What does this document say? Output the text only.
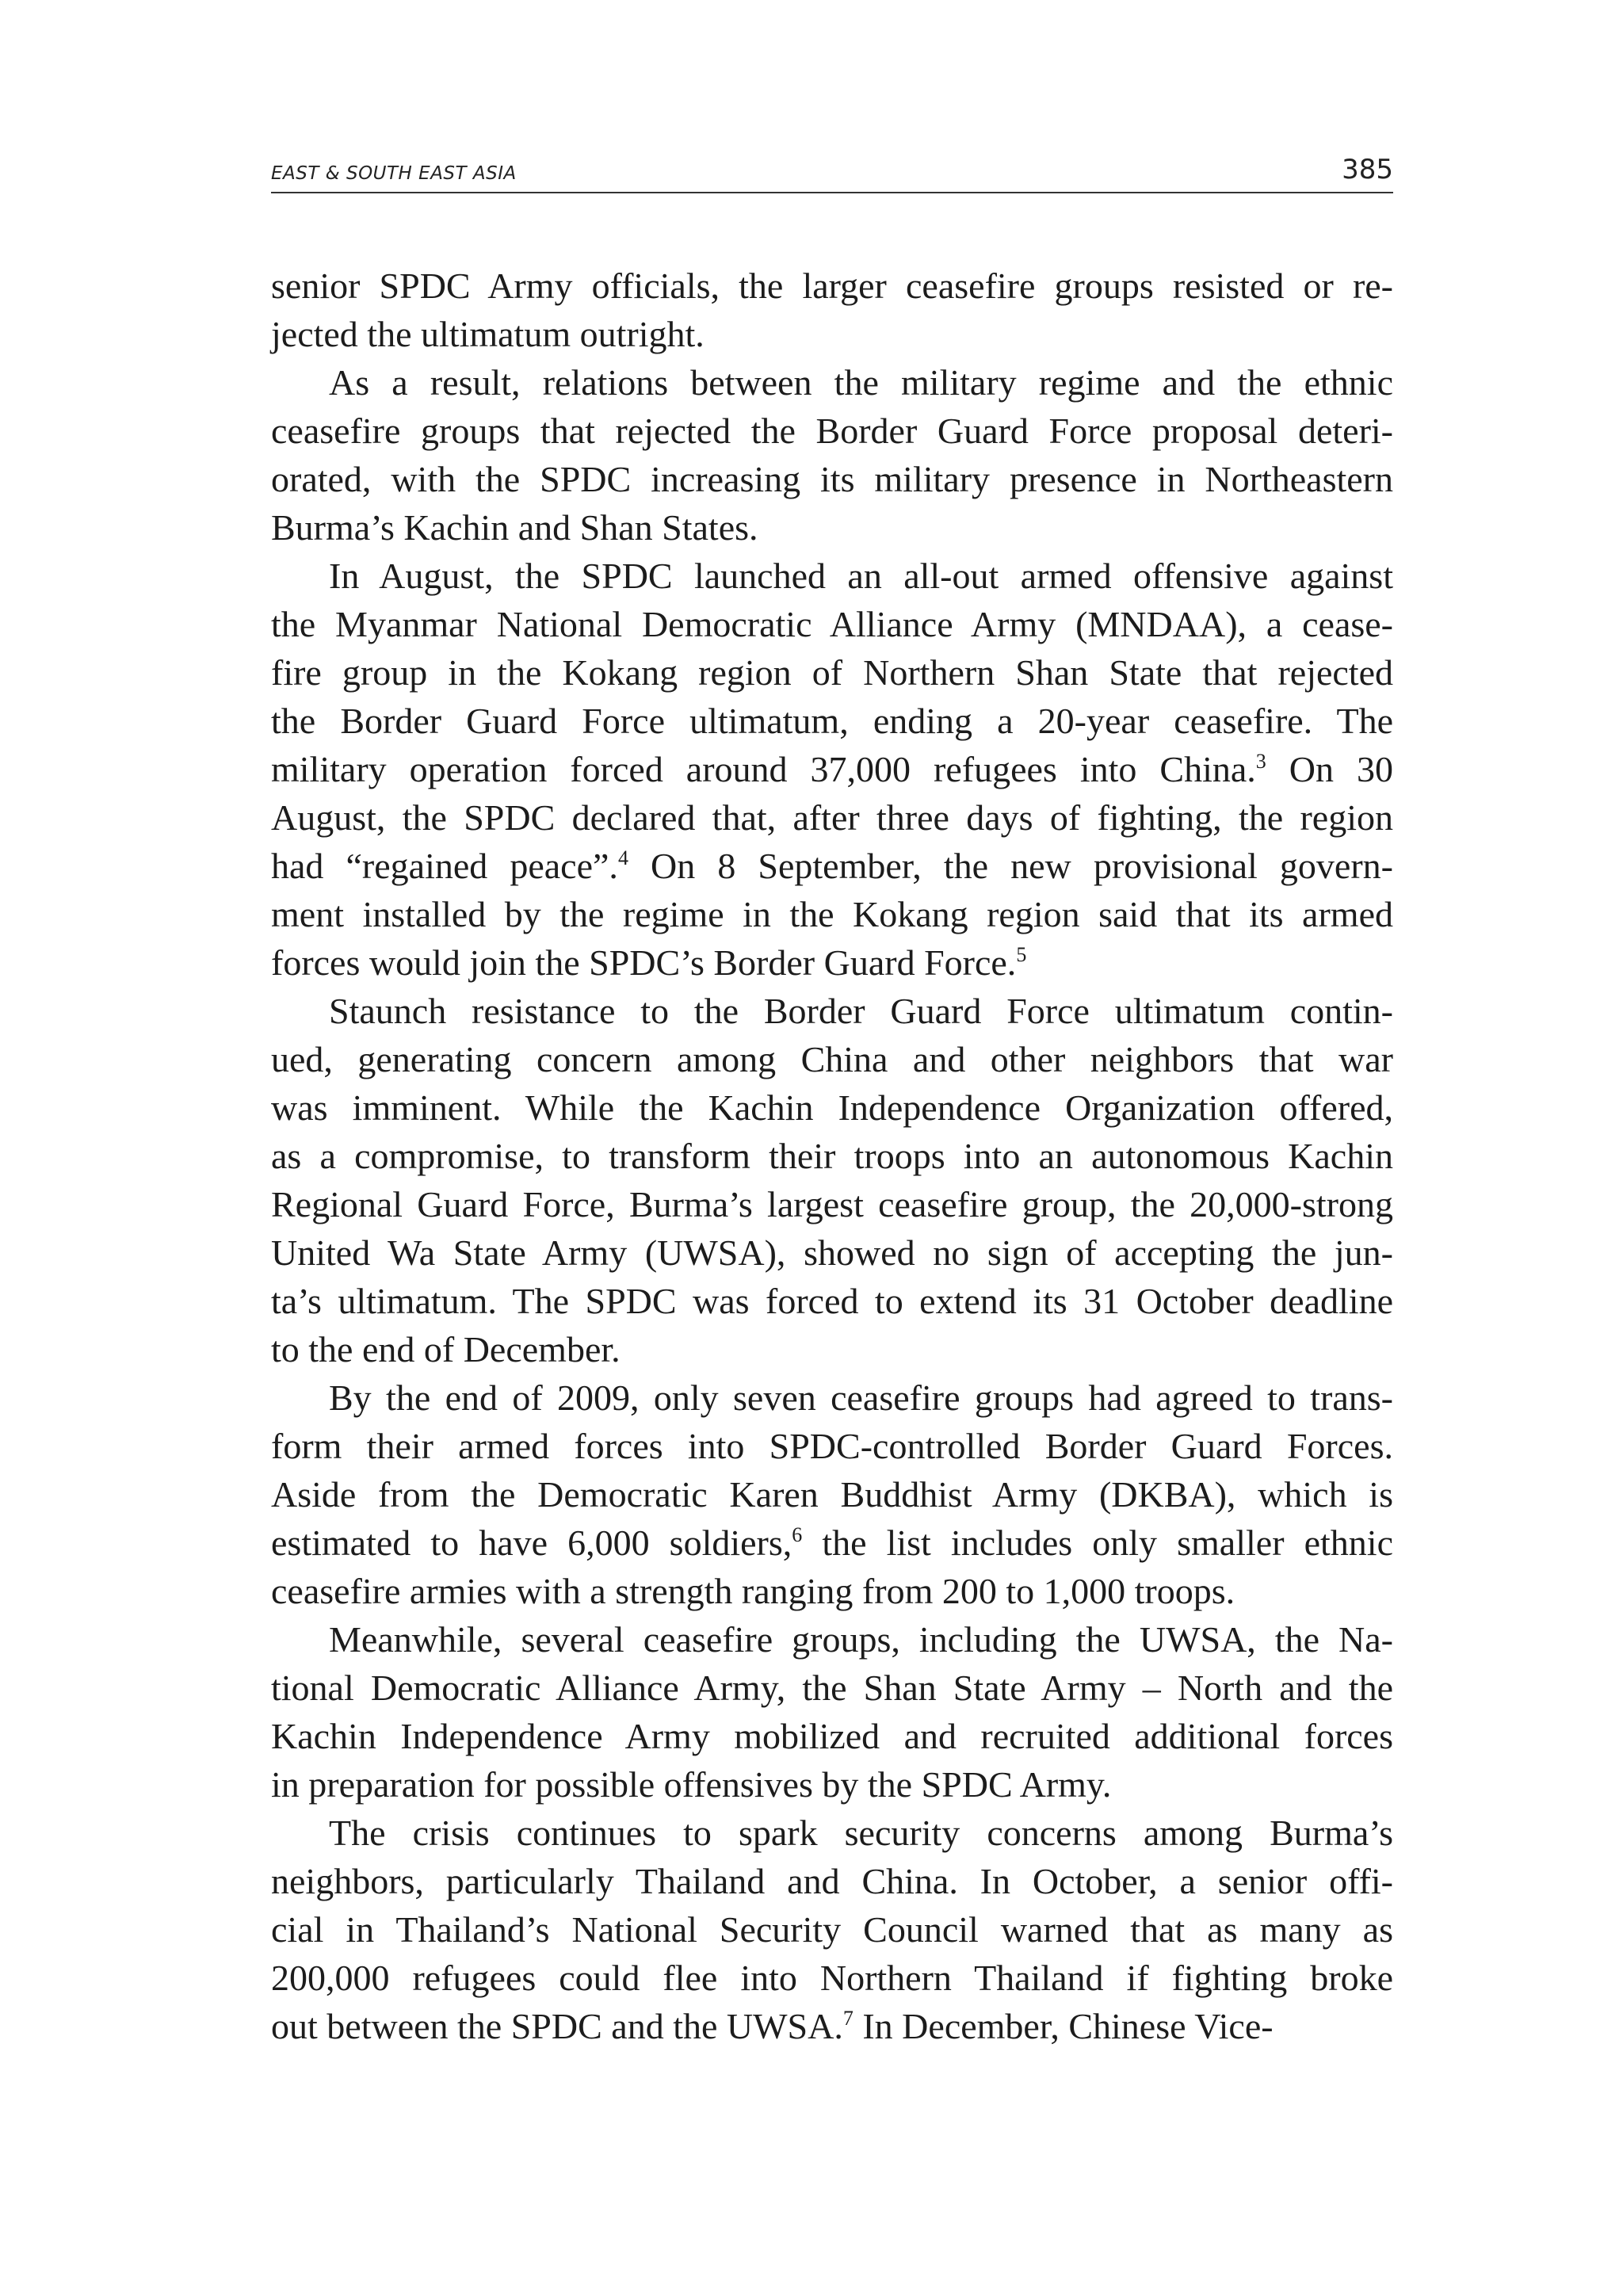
EAST & SOUTH EAST ASIA	385
senior SPDC Army officials, the larger ceasefire groups resisted or re-
jected the ultimatum outright.
As a result, relations between the military regime and the ethnic
ceasefire groups that rejected the Border Guard Force proposal deteri-
orated, with the SPDC increasing its military presence in Northeastern
Burma’s Kachin and Shan States.
In August, the SPDC launched an all-out armed offensive against
the Myanmar National Democratic Alliance Army (MNDAA), a cease-
fire group in the Kokang region of Northern Shan State that rejected
the Border Guard Force ultimatum, ending a 20-year ceasefire. The
military operation forced around 37,000 refugees into China.$^3$ On 30
August, the SPDC declared that, after three days of fighting, the region
had “regained peace”.$^4$ On 8 September, the new provisional govern-
ment installed by the regime in the Kokang region said that its armed
forces would join the SPDC’s Border Guard Force.$^5$
Staunch resistance to the Border Guard Force ultimatum contin-
ued, generating concern among China and other neighbors that war
was imminent. While the Kachin Independence Organization offered,
as a compromise, to transform their troops into an autonomous Kachin
Regional Guard Force, Burma’s largest ceasefire group, the 20,000-strong
United Wa State Army (UWSA), showed no sign of accepting the jun-
ta’s ultimatum. The SPDC was forced to extend its 31 October deadline
to the end of December.
By the end of 2009, only seven ceasefire groups had agreed to trans-
form their armed forces into SPDC-controlled Border Guard Forces.
Aside from the Democratic Karen Buddhist Army (DKBA), which is
estimated to have 6,000 soldiers,$^6$ the list includes only smaller ethnic
ceasefire armies with a strength ranging from 200 to 1,000 troops.
Meanwhile, several ceasefire groups, including the UWSA, the Na-
tional Democratic Alliance Army, the Shan State Army – North and the
Kachin Independence Army mobilized and recruited additional forces
in preparation for possible offensives by the SPDC Army.
The crisis continues to spark security concerns among Burma’s
neighbors, particularly Thailand and China. In October, a senior offi-
cial in Thailand’s National Security Council warned that as many as
200,000 refugees could flee into Northern Thailand if fighting broke
out between the SPDC and the UWSA.$^7$ In December, Chinese Vice-
